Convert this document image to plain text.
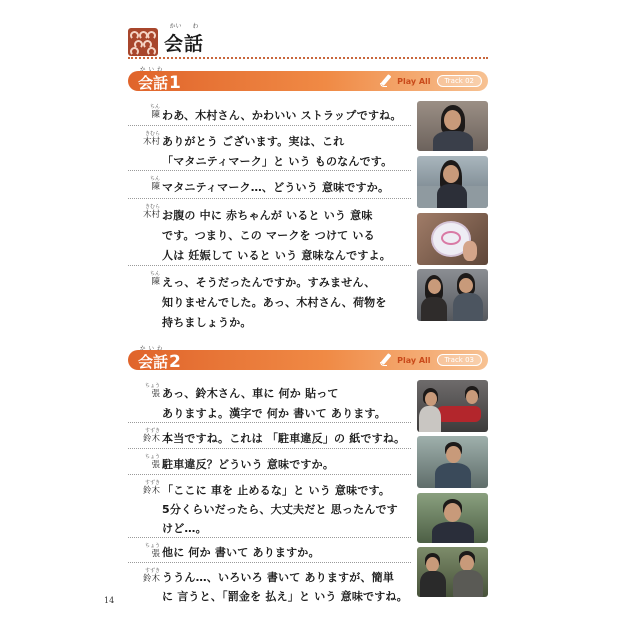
かい わ
会話
かいわ
会話1	Play All	Track 02
ちん
陳 わあ、木村さん、かわいい ストラップですね。
きむら
木村 ありがとう ございます。実は、これ
「マタニティマーク」と いう ものなんです。
ちん
陳 マタニティマーク…、どういう 意味ですか。
きむら
木村 お腹の 中に 赤ちゃんが いると いう 意味
です。つまり、この マークを つけて いる
人は 妊娠して いると いう 意味なんですよ。
ちん
陳 えっ、そうだったんですか。すみません、
知りませんでした。あっ、木村さん、荷物を
持ちましょうか。
かいわ
会話2	Play All	Track 03
ちょう
張 あっ、鈴木さん、車に 何か 貼って
ありますよ。漢字で 何か 書いて あります。
すずき
鈴木 本当ですね。これは 「駐車違反」の 紙ですね。
ちょう
張 駐車違反？どういう 意味ですか。
すずき
鈴木 「ここに 車を 止めるな」と いう 意味です。
5分くらいだったら、大丈夫だと 思ったんです
けど…。
ちょう
張 他に 何か 書いて ありますか。
すずき
鈴木 ううん…、いろいろ 書いて ありますが、簡単
に 言うと、「罰金を 払え」と いう 意味ですね。
14
